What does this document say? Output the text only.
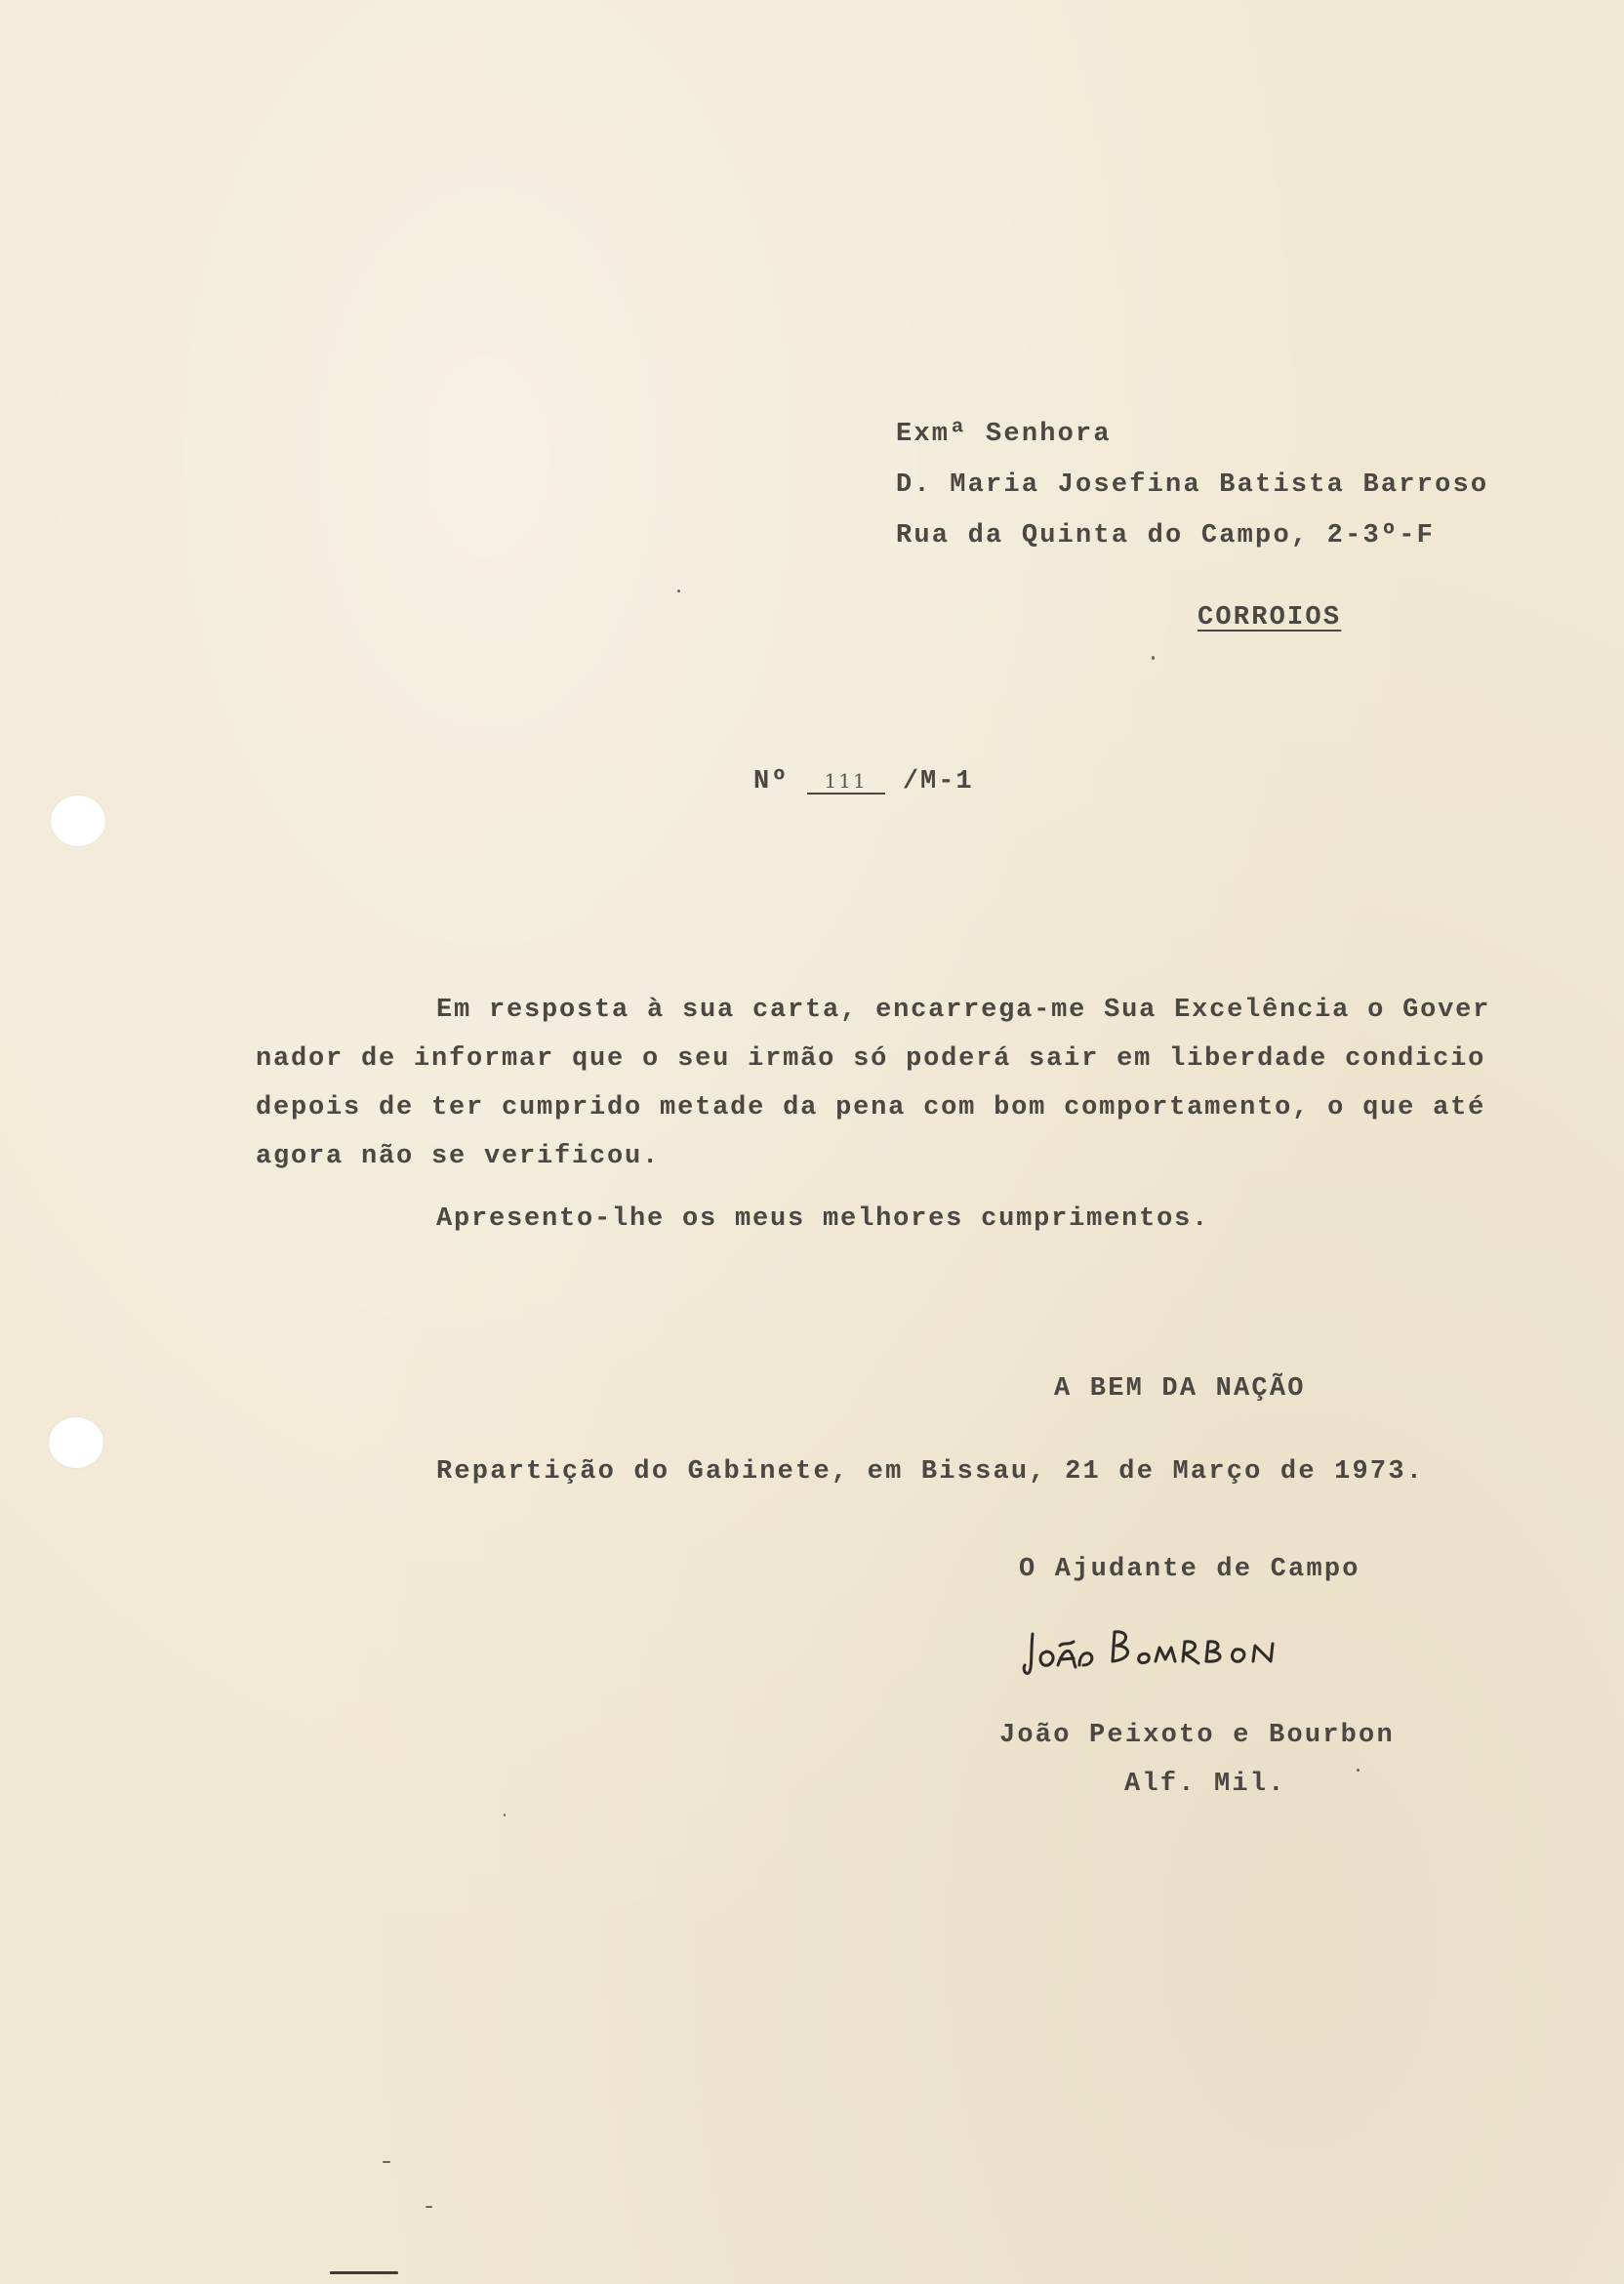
Exmª Senhora
D. Maria Josefina Batista Barroso
Rua da Quinta do Campo, 2-3º-F
CORROIOS
Nº 111 /M-1
Em resposta à sua carta, encarrega-me Sua Excelência o Gover
nador de informar que o seu irmão só poderá sair em liberdade condicio
depois de ter cumprido metade da pena com bom comportamento, o que até
agora não se verificou.
Apresento-lhe os meus melhores cumprimentos.
A BEM DA NAÇÃO
Repartição do Gabinete, em Bissau, 21 de Março de 1973.
O Ajudante de Campo
João Peixoto e Bourbon
Alf. Mil.
